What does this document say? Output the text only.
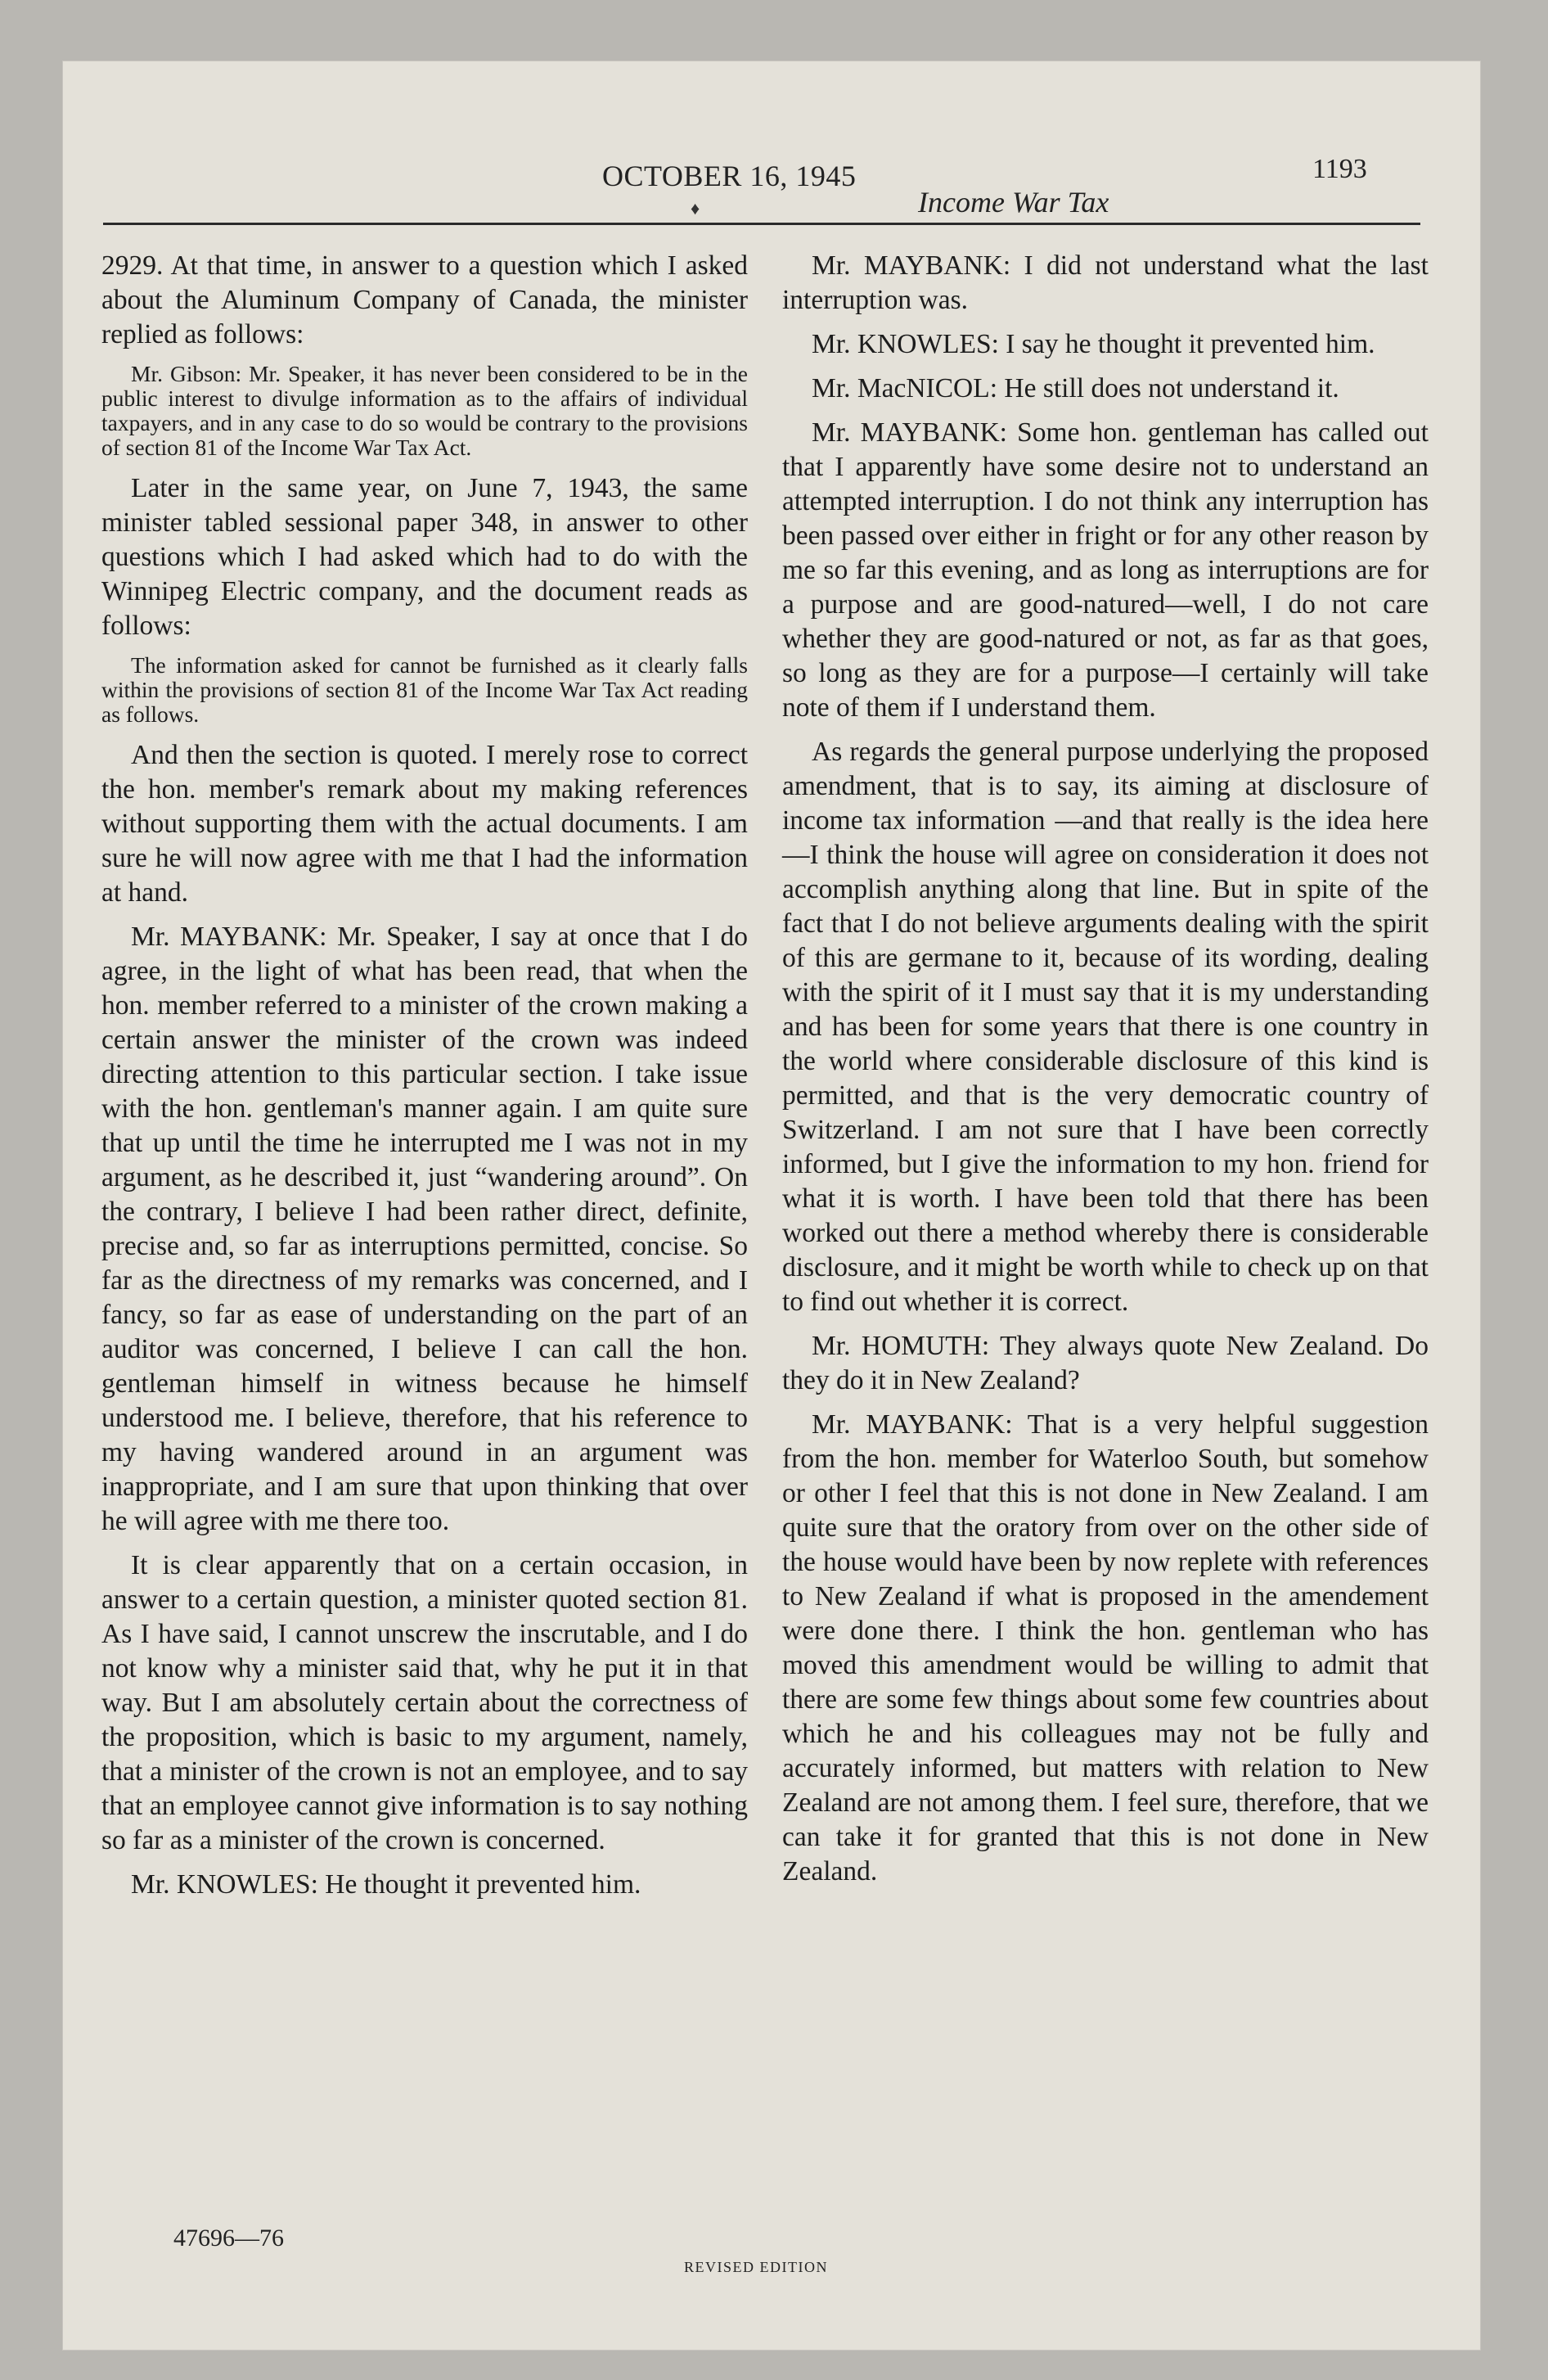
OCTOBER 16, 1945	1193
♦	Income War Tax

2929. At that time, in answer to a question which I asked about the Aluminum Company of Canada, the minister replied as follows:

Mr. Gibson: Mr. Speaker, it has never been considered to be in the public interest to divulge information as to the affairs of individual taxpayers, and in any case to do so would be contrary to the provisions of section 81 of the Income War Tax Act.

Later in the same year, on June 7, 1943, the same minister tabled sessional paper 348, in answer to other questions which I had asked which had to do with the Winnipeg Electric company, and the document reads as follows:

The information asked for cannot be furnished as it clearly falls within the provisions of section 81 of the Income War Tax Act reading as follows.

And then the section is quoted. I merely rose to correct the hon. member's remark about my making references without supporting them with the actual documents. I am sure he will now agree with me that I had the information at hand.

Mr. MAYBANK: Mr. Speaker, I say at once that I do agree, in the light of what has been read, that when the hon. member referred to a minister of the crown making a certain answer the minister of the crown was indeed directing attention to this particular section. I take issue with the hon. gentleman's manner again. I am quite sure that up until the time he interrupted me I was not in my argument, as he described it, just “wandering around”. On the contrary, I believe I had been rather direct, definite, precise and, so far as interruptions permitted, concise. So far as the directness of my remarks was concerned, and I fancy, so far as ease of understanding on the part of an auditor was concerned, I believe I can call the hon. gentleman himself in witness because he himself understood me. I believe, therefore, that his reference to my having wandered around in an argument was inappropriate, and I am sure that upon thinking that over he will agree with me there too.

It is clear apparently that on a certain occasion, in answer to a certain question, a minister quoted section 81. As I have said, I cannot unscrew the inscrutable, and I do not know why a minister said that, why he put it in that way. But I am absolutely certain about the correctness of the proposition, which is basic to my argument, namely, that a minister of the crown is not an employee, and to say that an employee cannot give information is to say nothing so far as a minister of the crown is concerned.

Mr. KNOWLES: He thought it prevented him.

Mr. MAYBANK: I did not understand what the last interruption was.

Mr. KNOWLES: I say he thought it prevented him.

Mr. MacNICOL: He still does not understand it.

Mr. MAYBANK: Some hon. gentleman has called out that I apparently have some desire not to understand an attempted interruption. I do not think any interruption has been passed over either in fright or for any other reason by me so far this evening, and as long as interruptions are for a purpose and are good-natured—well, I do not care whether they are good-natured or not, as far as that goes, so long as they are for a purpose—I certainly will take note of them if I understand them.

As regards the general purpose underlying the proposed amendment, that is to say, its aiming at disclosure of income tax information —and that really is the idea here—I think the house will agree on consideration it does not accomplish anything along that line. But in spite of the fact that I do not believe arguments dealing with the spirit of this are germane to it, because of its wording, dealing with the spirit of it I must say that it is my understanding and has been for some years that there is one country in the world where considerable disclosure of this kind is permitted, and that is the very democratic country of Switzerland. I am not sure that I have been correctly informed, but I give the information to my hon. friend for what it is worth. I have been told that there has been worked out there a method whereby there is considerable disclosure, and it might be worth while to check up on that to find out whether it is correct.

Mr. HOMUTH: They always quote New Zealand. Do they do it in New Zealand?

Mr. MAYBANK: That is a very helpful suggestion from the hon. member for Waterloo South, but somehow or other I feel that this is not done in New Zealand. I am quite sure that the oratory from over on the other side of the house would have been by now replete with references to New Zealand if what is proposed in the amendement were done there. I think the hon. gentleman who has moved this amendment would be willing to admit that there are some few things about some few countries about which he and his colleagues may not be fully and accurately informed, but matters with relation to New Zealand are not among them. I feel sure, therefore, that we can take it for granted that this is not done in New Zealand.

47696—76
REVISED EDITION
